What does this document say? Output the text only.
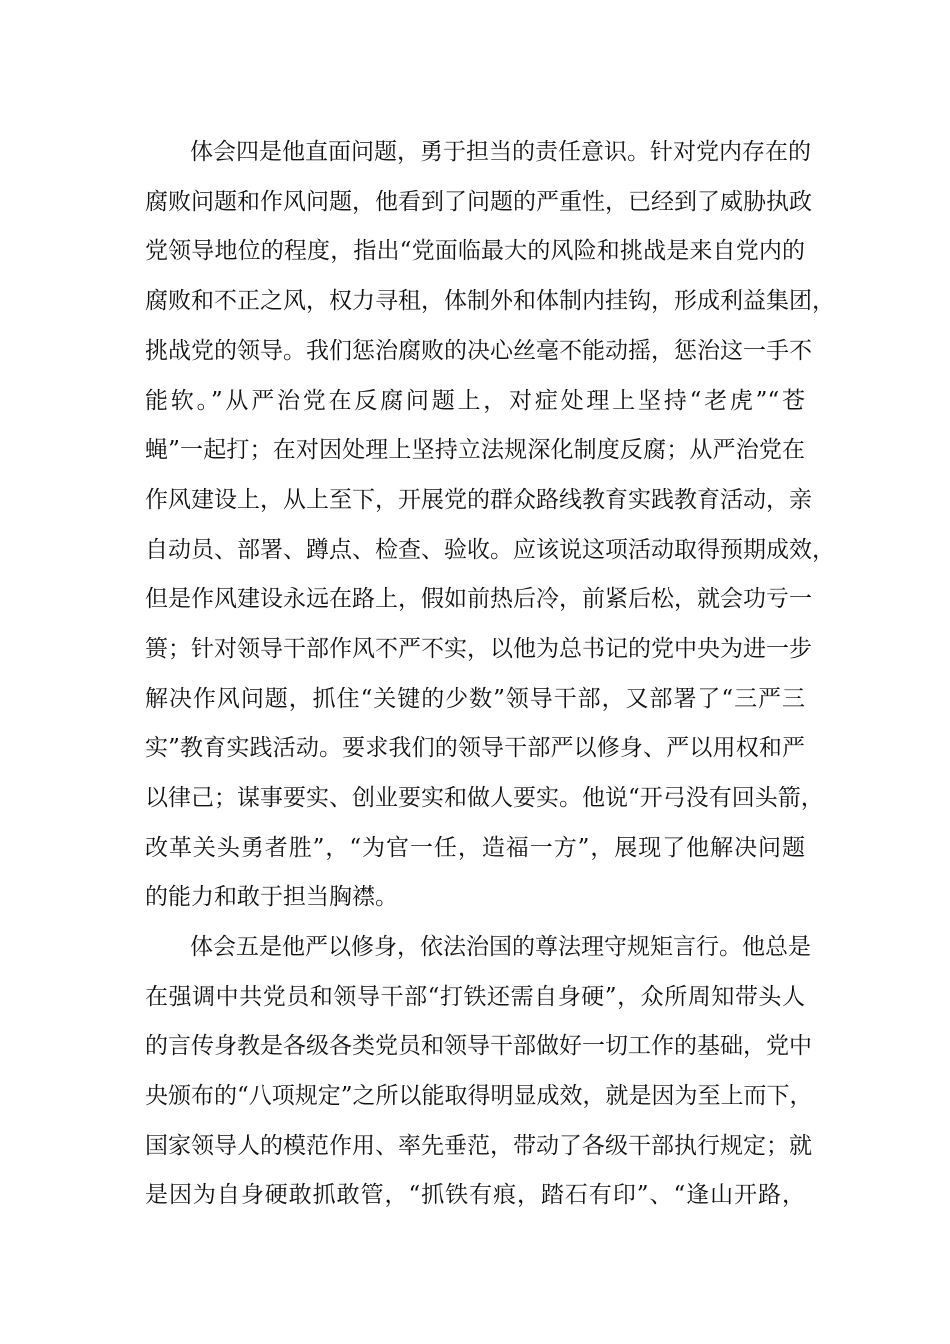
体会四是他直面问题，勇于担当的责任意识。针对党内存在的
腐败问题和作风问题，他看到了问题的严重性，已经到了威胁执政
党领导地位的程度，指出“党面临最大的风险和挑战是来自党内的
腐败和不正之风，权力寻租，体制外和体制内挂钩，形成利益集团，
挑战党的领导。我们惩治腐败的决心丝毫不能动摇，惩治这一手不
能软。”从严治党在反腐问题上，对症处理上坚持“老虎”“苍
蝇”一起打；在对因处理上坚持立法规深化制度反腐；从严治党在
作风建设上，从上至下，开展党的群众路线教育实践教育活动，亲
自动员、部署、蹲点、检查、验收。应该说这项活动取得预期成效，
但是作风建设永远在路上，假如前热后冷，前紧后松，就会功亏一
篑；针对领导干部作风不严不实，以他为总书记的党中央为进一步
解决作风问题，抓住“关键的少数”领导干部，又部署了“三严三
实”教育实践活动。要求我们的领导干部严以修身、严以用权和严
以律己；谋事要实、创业要实和做人要实。他说“开弓没有回头箭，
改革关头勇者胜”，“为官一任，造福一方”，展现了他解决问题
的能力和敢于担当胸襟。
体会五是他严以修身，依法治国的尊法理守规矩言行。他总是
在强调中共党员和领导干部“打铁还需自身硬”，众所周知带头人
的言传身教是各级各类党员和领导干部做好一切工作的基础，党中
央颁布的“八项规定”之所以能取得明显成效，就是因为至上而下，
国家领导人的模范作用、率先垂范，带动了各级干部执行规定；就
是因为自身硬敢抓敢管，“抓铁有痕，踏石有印”、“逢山开路，
